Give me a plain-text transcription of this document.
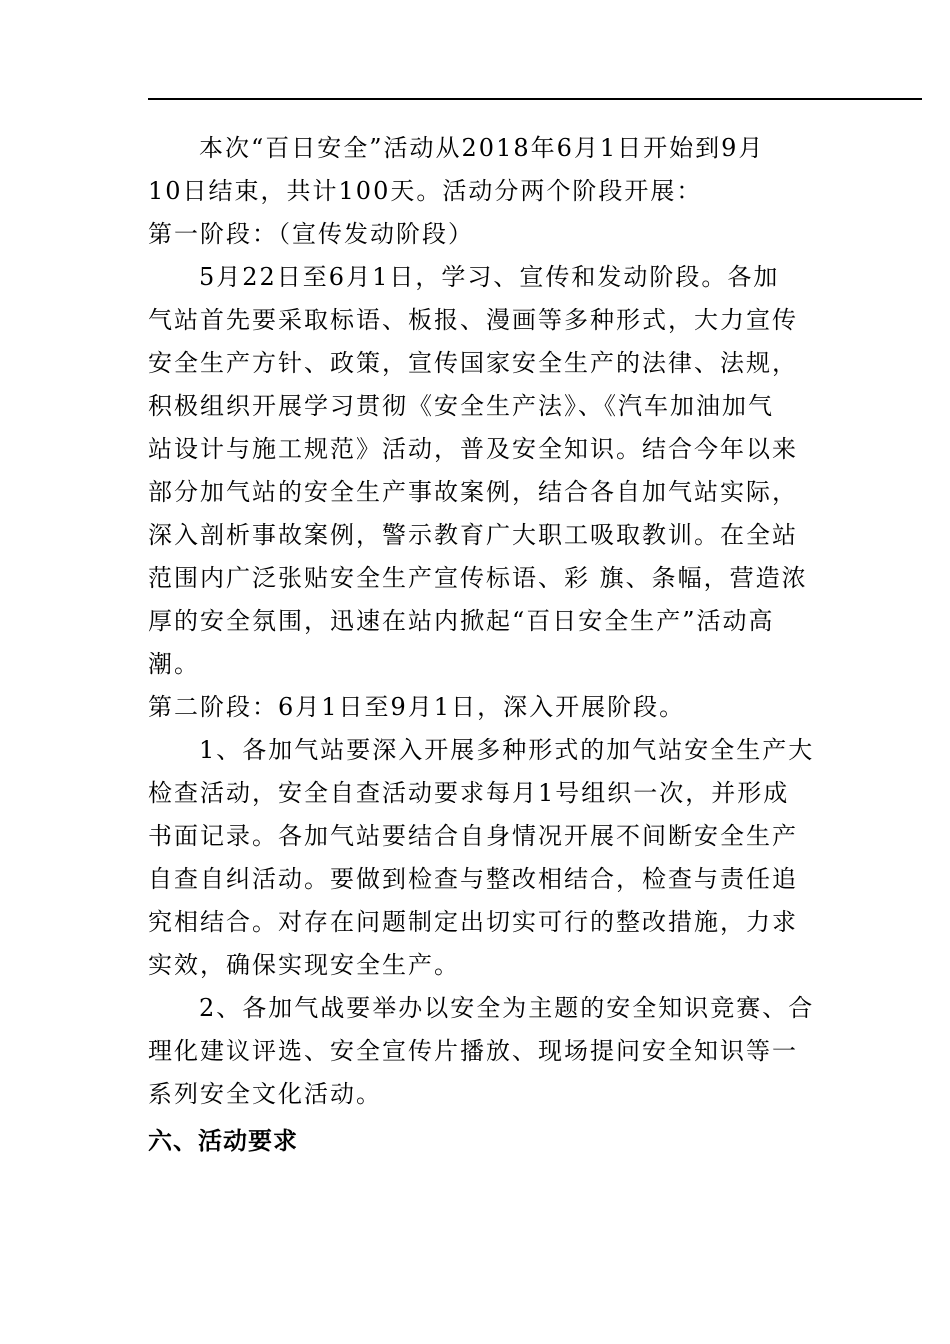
本次“百日安全”活动从2018年6月1日开始到9月
10日结束，共计100天。活动分两个阶段开展：
第一阶段：（宣传发动阶段）
5月22日至6月1日，学习、宣传和发动阶段。各加
气站首先要采取标语、板报、漫画等多种形式，大力宣传
安全生产方针、政策，宣传国家安全生产的法律、法规，
积极组织开展学习贯彻《安全生产法》、《汽车加油加气
站设计与施工规范》活动，普及安全知识。结合今年以来
部分加气站的安全生产事故案例，结合各自加气站实际，
深入剖析事故案例，警示教育广大职工吸取教训。在全站
范围内广泛张贴安全生产宣传标语、彩 旗、条幅，营造浓
厚的安全氛围，迅速在站内掀起“百日安全生产”活动高
潮。
第二阶段：6月1日至9月1日，深入开展阶段。
1、各加气站要深入开展多种形式的加气站安全生产大
检查活动，安全自查活动要求每月1号组织一次，并形成
书面记录。各加气站要结合自身情况开展不间断安全生产
自查自纠活动。要做到检查与整改相结合，检查与责任追
究相结合。对存在问题制定出切实可行的整改措施，力求
实效，确保实现安全生产。
2、各加气战要举办以安全为主题的安全知识竞赛、合
理化建议评选、安全宣传片播放、现场提问安全知识等一
系列安全文化活动。
六、活动要求
